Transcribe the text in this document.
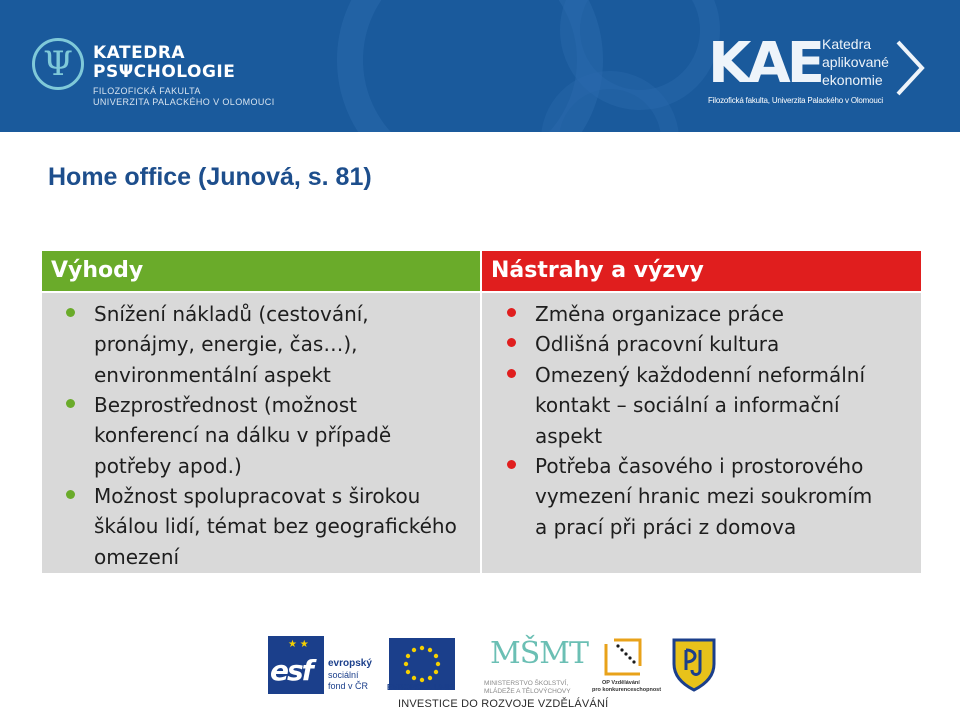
Ψ	KATEDRA
PSΨCHOLOGIE
FILOZOFICKÁ FAKULTA
UNIVERZITA PALACKÉHO V OLOMOUCI
KAE Katedra
aplikované
ekonomie
Filozofická fakulta, Univerzita Palackého v Olomouci
Home office (Junová, s. 81)
Výhody
Snížení nákladů (cestování,
pronájmy, energie, čas…),
environmentální aspekt
Bezprostřednost (možnost
konferencí na dálku v případě
potřeby apod.)
Možnost spolupracovat s širokou
škálou lidí, témat bez geografického
omezení
Nástrahy a výzvy
Změna organizace práce
Odlišná pracovní kultura
Omezený každodenní neformální
kontakt – sociální a informační
aspekt
Potřeba časového i prostorového
vymezení hranic mezi soukromím
a prací při práci z domova
★ ★
esf evropský
sociální
fond v ČR EVROPSKÁ UNIE
MŠMT
MINISTERSTVO ŠKOLSTVÍ,
MLÁDEŽE A TĚLOVÝCHOVY
OP Vzdělávání
pro konkurenceschopnost
INVESTICE DO ROZVOJE VZDĚLÁVÁNÍ
